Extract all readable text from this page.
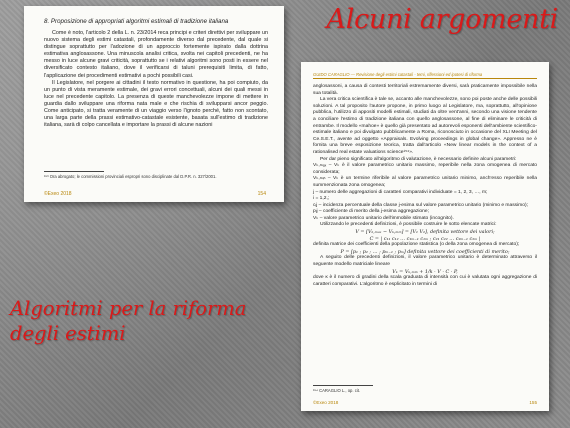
8. Proposizione di appropriati algoritmi estimali di tradizione italiana

Come è noto, l'articolo 2 della L. n. 23/2014 reca principi e criteri direttivi per sviluppare un nuovo sistema degli estimi catastali, profondamente diverso dal precedente, dal quale si distingue soprattutto per l'adozione di un approccio fortemente ispirato dalla dottrina estimativa anglosassone. Una minuscola analisi critica, svolta nei capitoli precedenti, ne ha messo in luce alcune gravi criticità, soprattutto se i relativi algoritmi sono posti in essere nel diversificato contesto italiano, dove il verificarsi di taluni prerequisiti limita, di fatto, l'applicazione dei procedimenti estimativi a pochi possibili casi.

Il Legislatore, nel porgere ai cittadini il testo normativo in questione, ha poi compiuto, da un punto di vista meramente estimale, dei gravi errori concettuali, alcuni dei quali messi in luce nel precedente capitolo. La presenza di queste manchevolezze impone di mettere in guardia dallo sviluppare una riforma nata male e che rischia di svilupparsi ancor peggio. Come anticipato, si tratta veramente di un viaggio verso l'ignoto perché, fatto non scontato, una larga parte della prassi estimativo-catastale esistente, basata sull'estimo di tradizione italiana, sarà di colpo cancellata e importare la prassi di alcune nazioni

¹⁵³ Ora abrogato; le commissioni provinciali espropri sono disciplinate dal D.P.R. n. 327/2001.
©Exeo 2018	154
GUIDO CARAGLIO — Revisione degli estimi catastali - temi, riflessioni ed ipotesi di riforma

anglosassoni, a causa di contesti territoriali estremamente diversi, sarà praticamente impossibile nella sua totalità.

La vera critica scientifica è tale se, accanto alle manchevolezze, sono poi poste anche delle possibili soluzioni. A tal proposito l'autore propone, in primo luogo al Legislatore, ma, soprattutto, all'opinione pubblica, l'utilizzo di appositi modelli estimali, studiati da oltre vent'anni, secondo una visione tendente a conciliare l'estimo di tradizione italiana con quello anglosassone, al fine di eliminare le criticità di entrambe. Il modello «mahoe» è quello già presentato ad autorevoli esponenti dell'ambiente scientifico-estimale italiano e poi divulgato pubblicamente a Roma, riconosciuto in occasione del XLI Meeting del Ce.S.E.T., avente ad oggetto «Appraisals. Evolving proceedings in global change». Appresso ne è fornita una breve esposizione teorica, tratta dall'articolo «New linear models in the context of a rationalised real estate valuations science¹⁵⁴».

Per dar pieno significato all'algoritmo di valutazione, è necessario definire alcuni parametri:

Vₖ,ₘₐₓ – Vₖ è il valore parametrico unitario massimo, reperibile nella zona omogenea di mercato considerata;

Vₖ,ₘᵢₙ – Vₖ è un termine riferibile al valore parametrico unitario minimo, anch'esso reperibile nella summenzionata zona omogenea;

j – numero delle aggregazioni di caratteri comparativi individuate = 1, 2, 3, …, m;

i = 1,2,;

cᵢj – incidenza percentuale della classe j-esima sul valore parametrico unitario (minimo e massimo);

pᵢj – coefficiente di merito della j-esima aggregazione;

Vₖ – valore parametrico unitario dell'immobile stimato (incognito).

Utilizzando le precedenti definizioni, è possibile costruire le sotto elencate matrici:

V = [Vₖ,ₘₐₓ − Vₖ,ₘᵢₙ] = [V₁ V₂], definita vettore dei valori;

C = | c₁₁ c₁₂ … c₁ₘ₋₁ c₁ₘ ; c₂₁ c₂₂ … c₂ₘ₋₁ c₂ₘ |

definita matrice dei coefficienti della popolazione statistica (o della zona omogenea di mercato);

P = [p₁ ; p₂ ; … ; pₘ₋₁ ; pₘ] definita vettore dei coefficienti di merito;

A seguito delle precedenti definizioni, il valore parametrico unitario è determinato attraverso il seguente modello matriciale lineare

Vₖ = Vₖ,ₘᵢₙ + 1/k · V · C · P,

dove κ è il numero di gradini della scala graduata di intensità con cui è valutata ogni aggregazione di caratteri comparativi. L'algoritmo è esplicitato in termini di

¹⁵⁴ CARAGLIO L., op. cit.
©Exeo 2018	155
Alcuni argomenti
Algoritmi per la riforma
degli estimi
